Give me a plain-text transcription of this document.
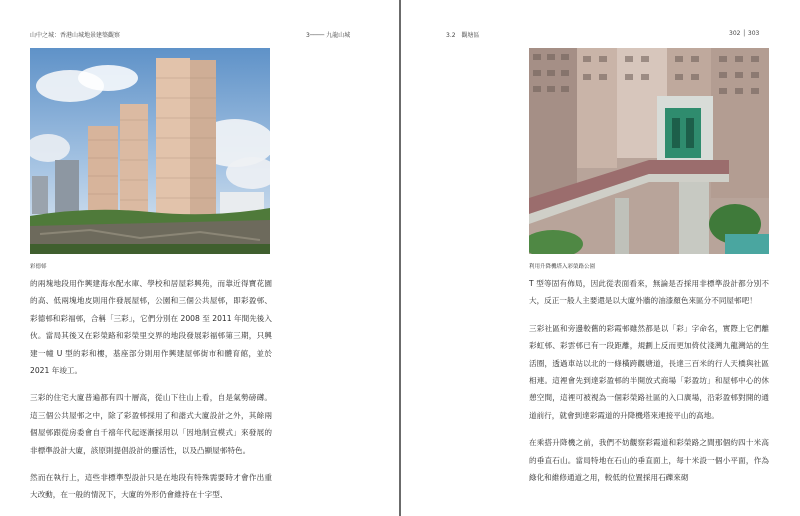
山中之城：香港山城地景建築觀察	3──── 九龍山城
彩德邨

的兩塊地段用作興建海水配水庫、學校和居屋彩興苑，而靠近得寶花園的高、低兩塊地皮則用作發展屋邨，公園和三個公共屋邨，即彩盈邨、彩德邨和彩福邨，合稱「三彩」，它們分別在 2008 至 2011 年間先後入伙。當局其後又在彩榮路和彩榮里交界的地段發展彩福邨第三期，只興建一幢 U 型的彩和樓，基座部分則用作興建屋邨街市和體育館，並於 2021 年竣工。

三彩的住宅大廈普遍都有四十層高，從山下往山上看，自是氣勢磅礡。這三個公共屋邨之中，除了彩盈邨採用了和諧式大廈設計之外，其餘兩個屋邨跟從房委會自千禧年代起逐漸採用以「因地制宜模式」來發展的非標準設計大廈，該原則提倡設計的靈活性，以及凸顯屋邨特色。

然而在執行上，這些非標準型設計只是在地段有特殊需要時才會作出重大改動，在一般的情況下，大廈的外形仍會維持在十字型、

3.2　觀塘區	302 │ 303
利用升降機塔入彩榮路公園

T 型等固有佈局，因此從表面看來，無論是否採用非標準設計都分別不大，反正一般人主要還是以大廈外牆的油漆顏色來區分不同屋邨吧！

三彩社區和旁邊較舊的彩霞邨雖然都是以「彩」字命名，實際上它們離彩虹邨、彩雲邨已有一段距離，規劃上反而更加倚仗淺灣九龍灣站的生活圈，透過車站以北的一條橫跨觀塘道，長達三百米的行人天橋與社區相連。這裡會先到達彩盈邨的半開放式商場「彩盈坊」和屋邨中心的休憩空間，這裡可被視為一個彩榮路社區的入口廣場，沿彩盈邨對開的通道前行，就會到達彩霞道的升降機塔來連接平山的高地。

在乘搭升降機之前，我們不妨觀察彩霞道和彩榮路之間那個約四十米高的垂直石山。當局特地在石山的垂直面上，每十米設一個小平面，作為綠化和維修通道之用，較低的位置採用石礫來砌
